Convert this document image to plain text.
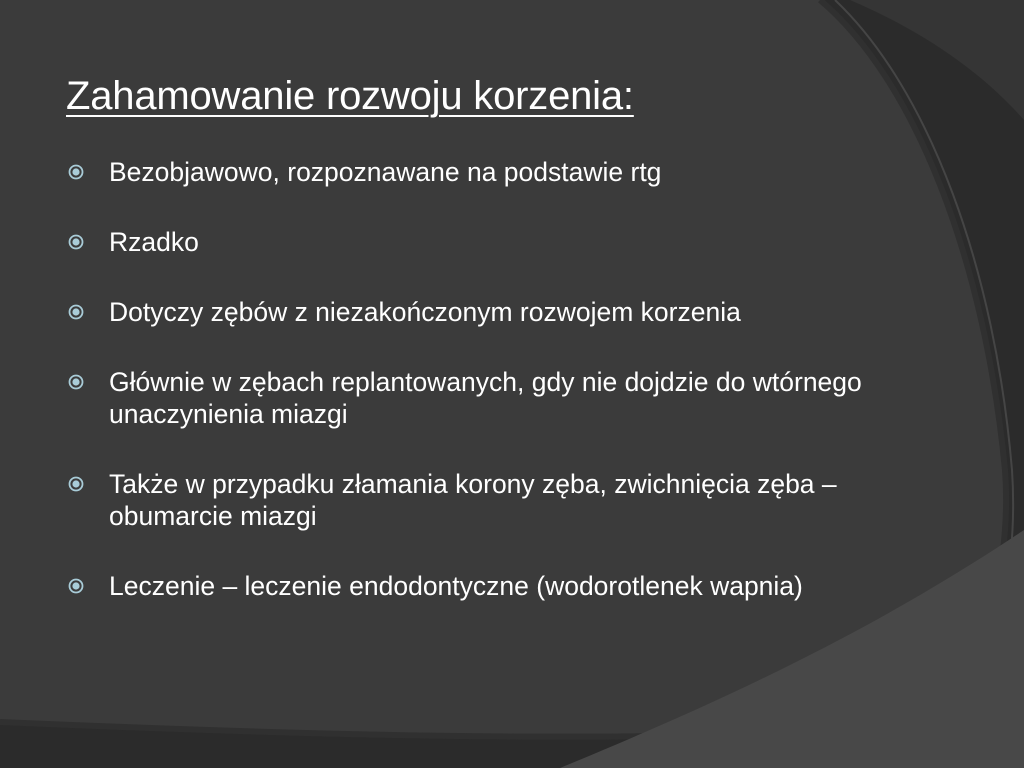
Zahamowanie rozwoju korzenia:
Bezobjawowo, rozpoznawane na podstawie rtg
Rzadko
Dotyczy zębów z niezakończonym rozwojem korzenia
Głównie w zębach replantowanych, gdy nie dojdzie do wtórnego unaczynienia miazgi
Także w przypadku złamania korony zęba, zwichnięcia zęba – obumarcie miazgi
Leczenie – leczenie endodontyczne (wodorotlenek wapnia)
